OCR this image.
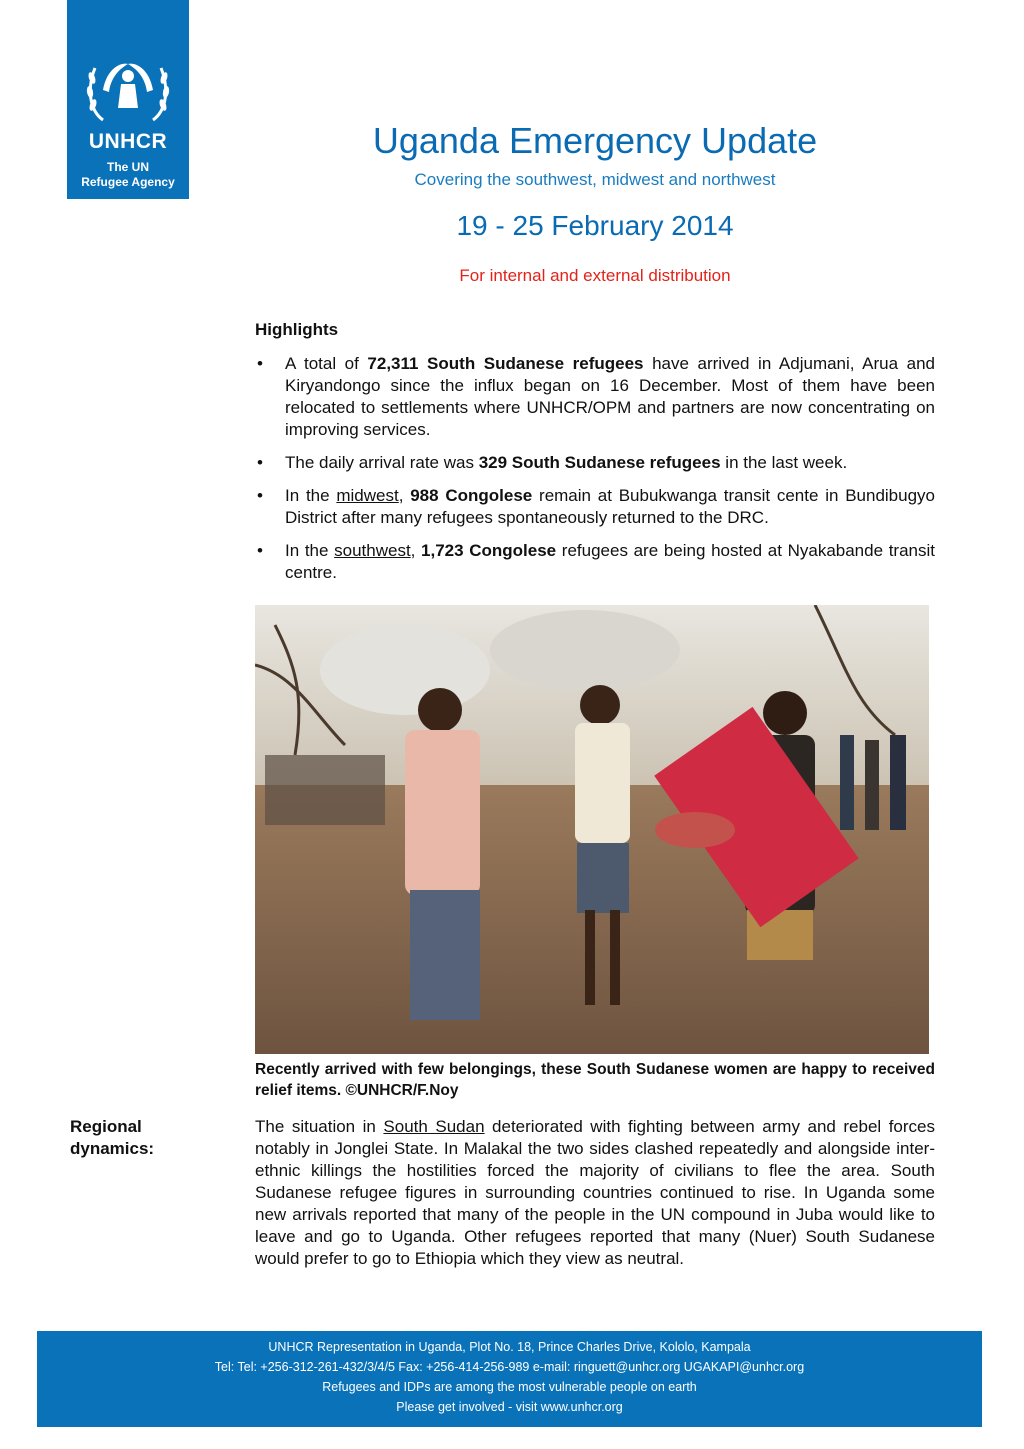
UNHCR
The UN
Refugee Agency
Uganda Emergency Update
Covering the southwest, midwest and northwest
19 - 25 February 2014
For internal and external distribution
Highlights
• A total of 72,311 South Sudanese refugees have arrived in Adjumani, Arua and Kiryandongo since the influx began on 16 December. Most of them have been relocated to settlements where UNHCR/OPM and partners are now concentrating on improving services.
• The daily arrival rate was 329 South Sudanese refugees in the last week.
• In the midwest, 988 Congolese remain at Bubukwanga transit cente in Bundibugyo District after many refugees spontaneously returned to the DRC.
• In the southwest, 1,723 Congolese refugees are being hosted at Nyakabande transit centre.
Recently arrived with few belongings, these South Sudanese women are happy to received relief items. ©UNHCR/F.Noy
Regional
dynamics:
The situation in South Sudan deteriorated with fighting between army and rebel forces notably in Jonglei State. In Malakal the two sides clashed repeatedly and alongside inter-ethnic killings the hostilities forced the majority of civilians to flee the area. South Sudanese refugee figures in surrounding countries continued to rise. In Uganda some new arrivals reported that many of the people in the UN compound in Juba would like to leave and go to Uganda. Other refugees reported that many (Nuer) South Sudanese would prefer to go to Ethiopia which they view as neutral.
UNHCR Representation in Uganda, Plot No. 18, Prince Charles Drive, Kololo, Kampala
Tel: Tel: +256-312-261-432/3/4/5 Fax: +256-414-256-989 e-mail: ringuett@unhcr.org UGAKAPI@unhcr.org
Refugees and IDPs are among the most vulnerable people on earth
Please get involved - visit www.unhcr.org
